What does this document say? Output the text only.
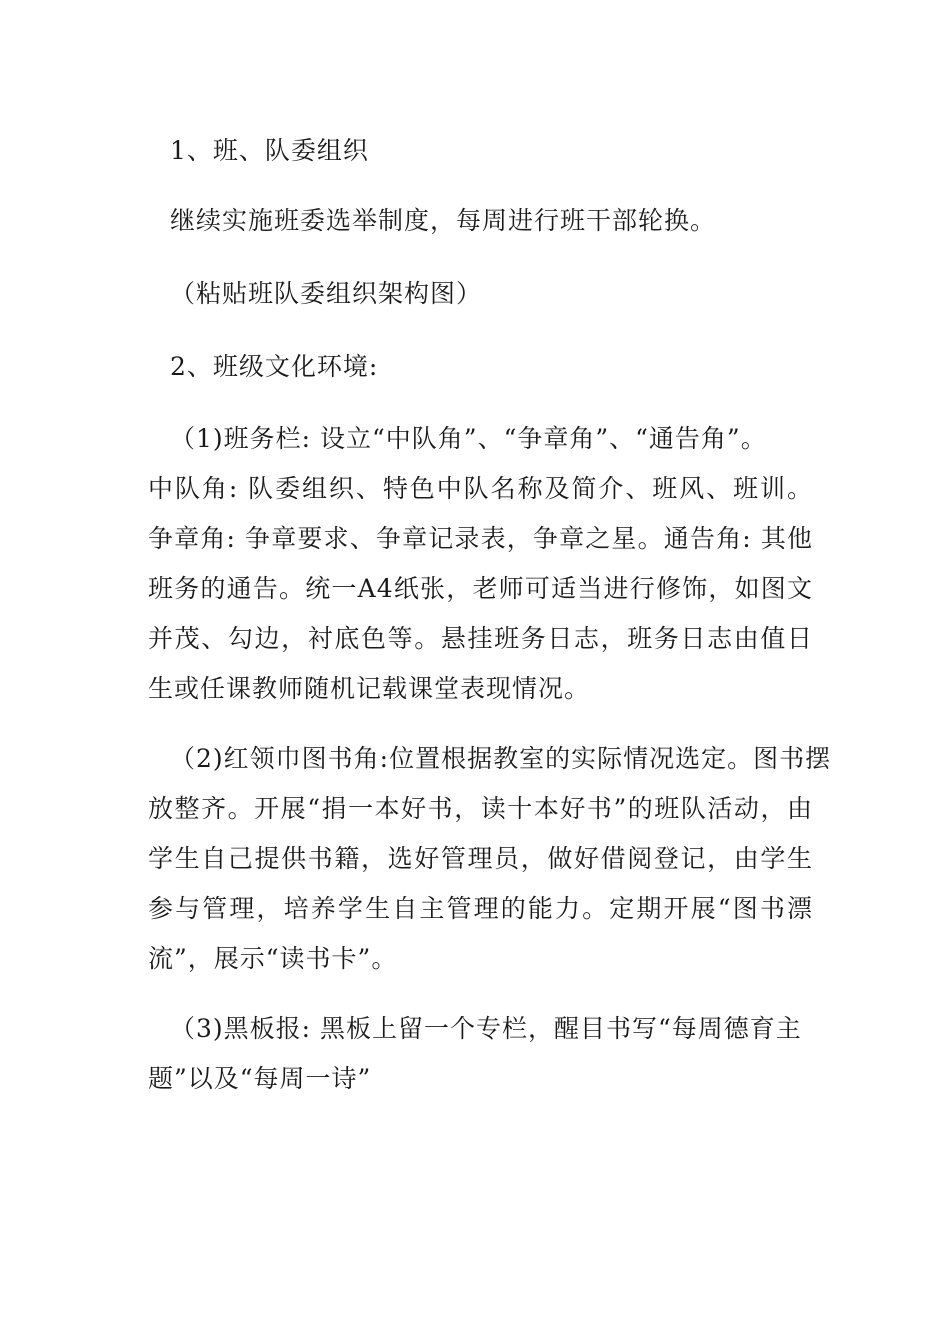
1、班、队委组织
继续实施班委选举制度，每周进行班干部轮换。
（粘贴班队委组织架构图）
2、班级文化环境:
（1)班务栏: 设立“中队角”、“争章角”、“通告角”。
中队角: 队委组织、特色中队名称及简介、班风、班训。争章角: 争章要求、争章记录表，争章之星。通告角: 其他班务的通告。统一A4纸张，老师可适当进行修饰，如图文并茂、勾边，衬底色等。悬挂班务日志，班务日志由值日生或任课教师随机记载课堂表现情况。
（2)红领巾图书角:位置根据教室的实际情况选定。图书摆
放整齐。开展“捐一本好书，读十本好书”的班队活动，由学生自己提供书籍，选好管理员，做好借阅登记，由学生参与管理，培养学生自主管理的能力。定期开展“图书漂流”，展示“读书卡”。
（3)黑板报: 黑板上留一个专栏，醒目书写“每周德育主
题”以及“每周一诗”
